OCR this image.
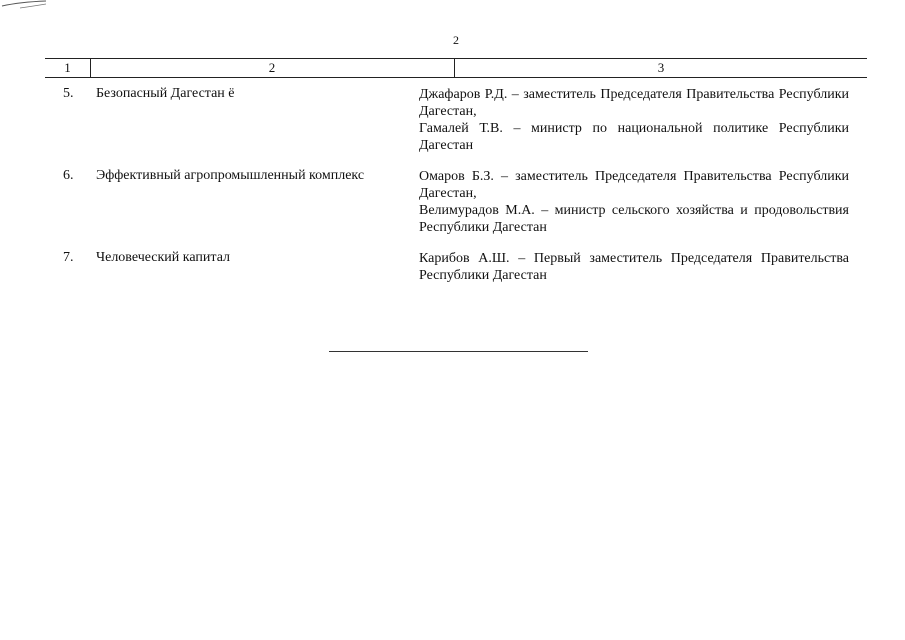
2
1	2	3
5. Безопасный Дагестан ё	Джафаров Р.Д. – заместитель Председателя Правительства Республики Дагестан,

Гамалей Т.В. – министр по национальной политике Республики Дагестан

6. Эффективный агропромышленный комплекс	Омаров Б.З. – заместитель Председателя Правительства Республики Дагестан,

Велимурадов М.А. – министр сельского хозяйства и продовольствия Республики Дагестан

7. Человеческий капитал	Карибов А.Ш. – Первый заместитель Председателя Правительства Республики Дагестан
